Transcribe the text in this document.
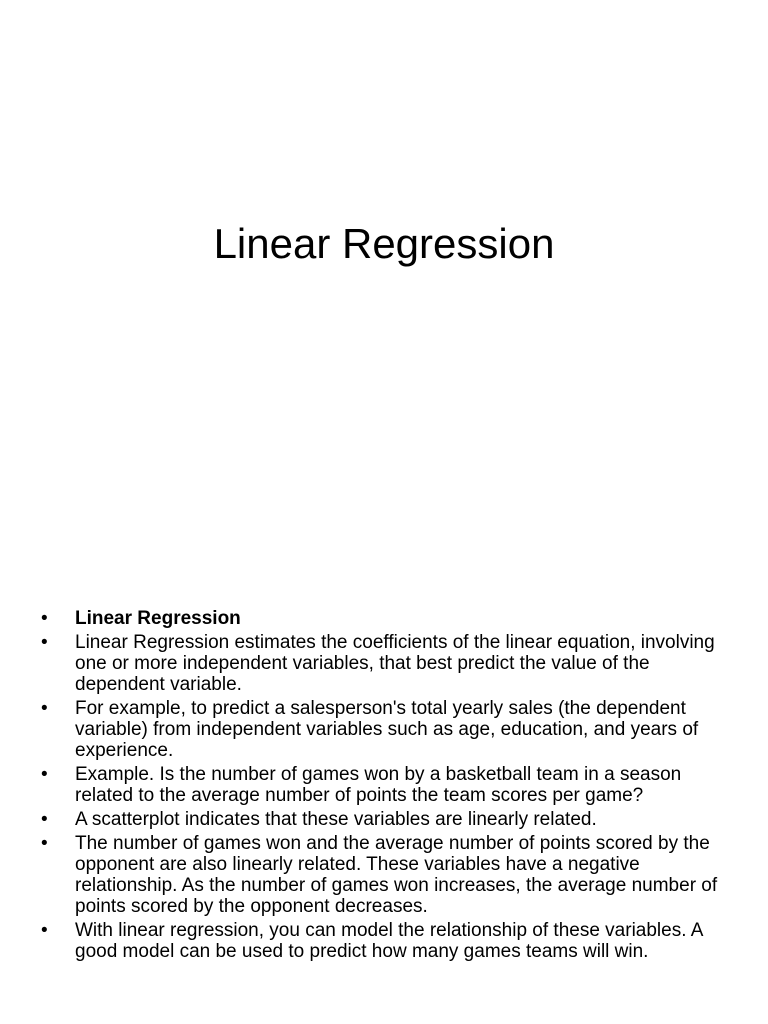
Linear Regression
•	Linear Regression
•	Linear Regression estimates the coefficients of the linear equation, involving one or more independent variables, that best predict the value of the dependent variable.
•	For example, to predict a salesperson's total yearly sales (the dependent variable) from independent variables such as age, education, and years of experience.
•	Example. Is the number of games won by a basketball team in a season related to the average number of points the team scores per game?
•	A scatterplot indicates that these variables are linearly related.
•	The number of games won and the average number of points scored by the opponent are also linearly related. These variables have a negative relationship. As the number of games won increases, the average number of points scored by the opponent decreases.
•	With linear regression, you can model the relationship of these variables. A good model can be used to predict how many games teams will win.
